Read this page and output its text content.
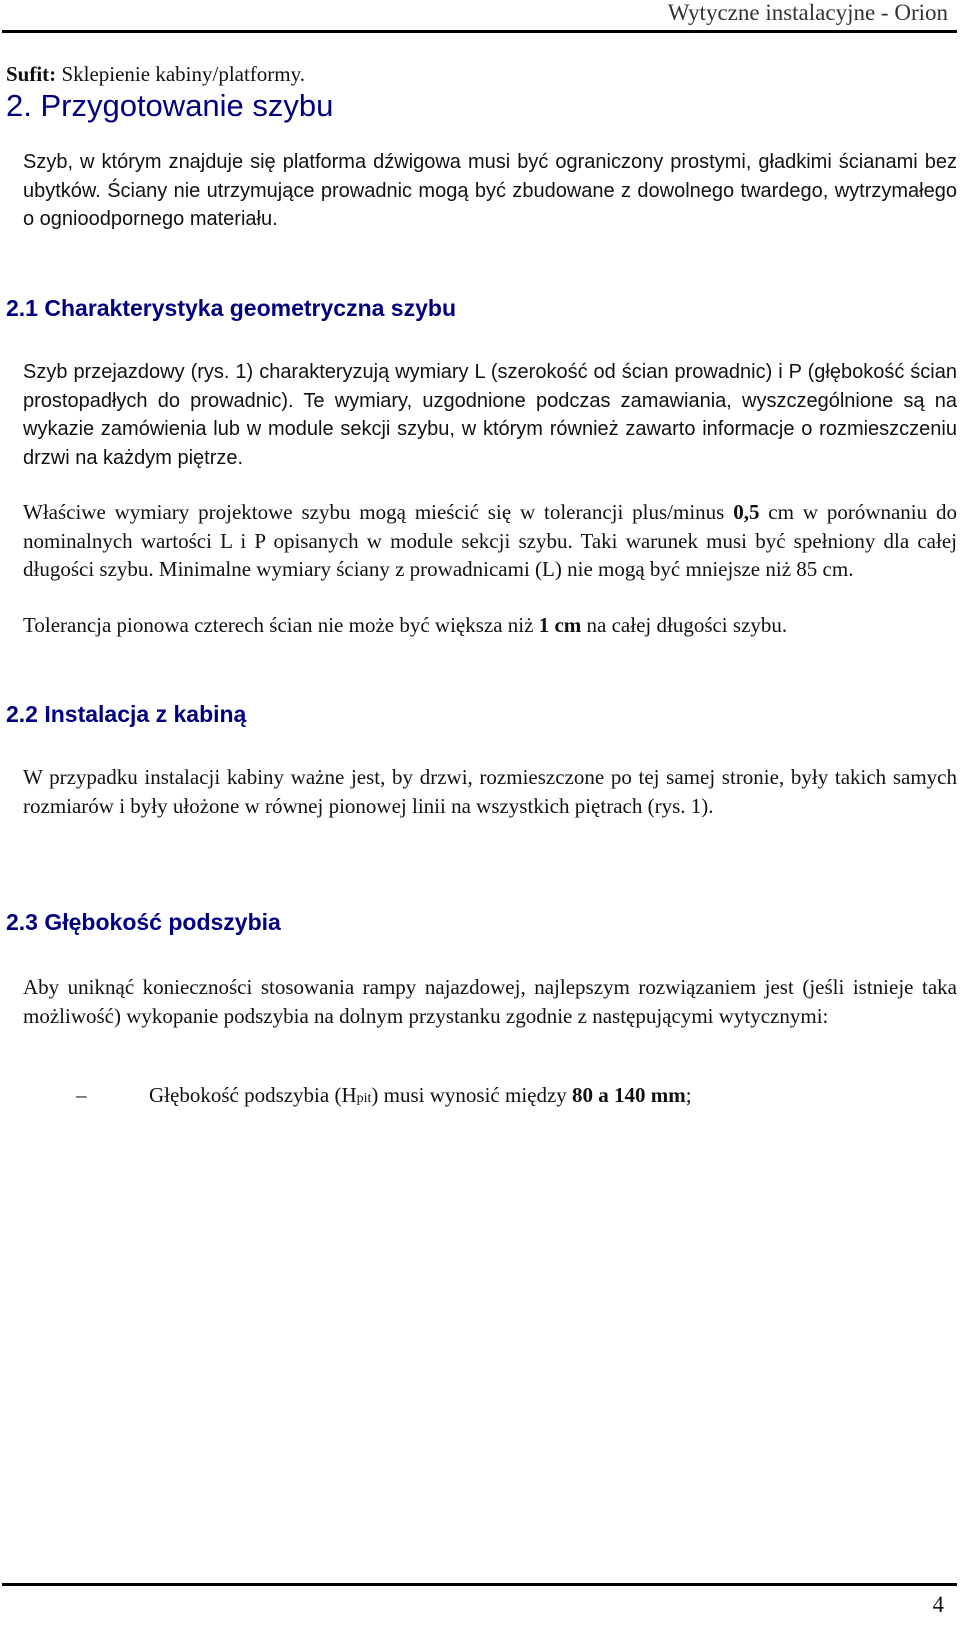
Wytyczne instalacyjne - Orion
Sufit: Sklepienie kabiny/platformy.
2. Przygotowanie szybu

Szyb, w którym znajduje się platforma dźwigowa musi być ograniczony prostymi, gładkimi ścianami bez ubytków. Ściany nie utrzymujące prowadnic mogą być zbudowane z dowolnego twardego, wytrzymałego o ognioodpornego materiału.

2.1 Charakterystyka geometryczna szybu

Szyb przejazdowy (rys. 1) charakteryzują wymiary L (szerokość od ścian prowadnic) i P (głębokość ścian prostopadłych do prowadnic). Te wymiary, uzgodnione podczas zamawiania, wyszczególnione są na wykazie zamówienia lub w module sekcji szybu, w którym również zawarto informacje o rozmieszczeniu drzwi na każdym piętrze.

Właściwe wymiary projektowe szybu mogą mieścić się w tolerancji plus/minus 0,5 cm w porównaniu do nominalnych wartości L i P opisanych w module sekcji szybu. Taki warunek musi być spełniony dla całej długości szybu. Minimalne wymiary ściany z prowadnicami (L) nie mogą być mniejsze niż 85 cm.

Tolerancja pionowa czterech ścian nie może być większa niż 1 cm na całej długości szybu.

2.2 Instalacja z kabiną

W przypadku instalacji kabiny ważne jest, by drzwi, rozmieszczone po tej samej stronie, były takich samych rozmiarów i były ułożone w równej pionowej linii na wszystkich piętrach (rys. 1).

2.3 Głębokość podszybia

Aby uniknąć konieczności stosowania rampy najazdowej, najlepszym rozwiązaniem jest (jeśli istnieje taka możliwość) wykopanie podszybia na dolnym przystanku zgodnie z następującymi wytycznymi:

–	Głębokość podszybia (Hpit) musi wynosić między 80 a 140 mm;
4
